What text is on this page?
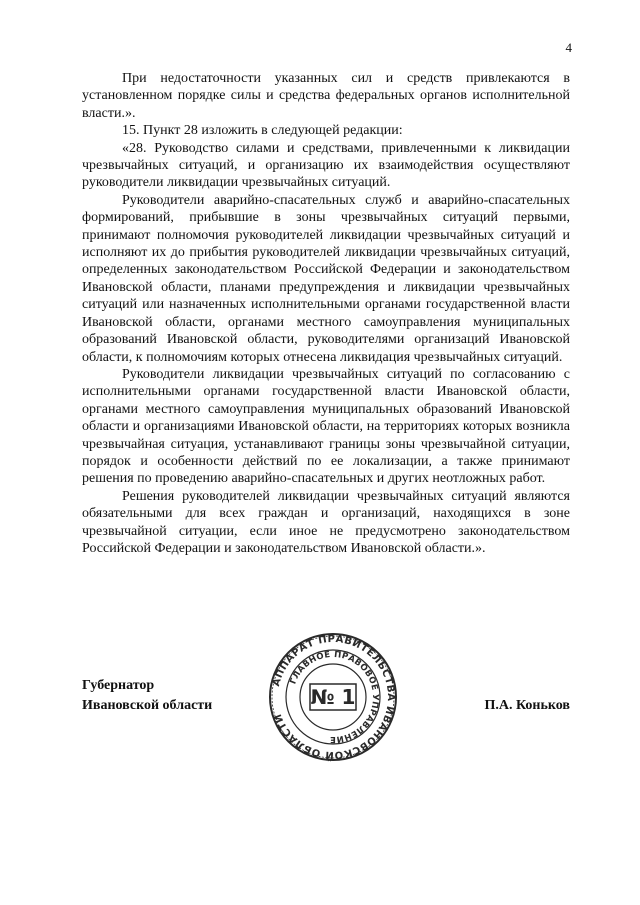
4

При недостаточности указанных сил и средств привлекаются в установленном порядке силы и средства федеральных органов исполнительной власти.».

15. Пункт 28 изложить в следующей редакции:

«28. Руководство силами и средствами, привлеченными к ликвидации чрезвычайных ситуаций, и организацию их взаимодействия осуществляют руководители ликвидации чрезвычайных ситуаций.

Руководители аварийно-спасательных служб и аварийно-спасательных формирований, прибывшие в зоны чрезвычайных ситуаций первыми, принимают полномочия руководителей ликвидации чрезвычайных ситуаций и исполняют их до прибытия руководителей ликвидации чрезвычайных ситуаций, определенных законодательством Российской Федерации и законодательством Ивановской области, планами предупреждения и ликвидации чрезвычайных ситуаций или назначенных исполнительными органами государственной власти Ивановской области, органами местного самоуправления муниципальных образований Ивановской области, руководителями организаций Ивановской области, к полномочиям которых отнесена ликвидация чрезвычайных ситуаций.

Руководители ликвидации чрезвычайных ситуаций по согласованию с исполнительными органами государственной власти Ивановской области, органами местного самоуправления муниципальных образований Ивановской области и организациями Ивановской области, на территориях которых возникла чрезвычайная ситуация, устанавливают границы зоны чрезвычайной ситуации, порядок и особенности действий по ее локализации, а также принимают решения по проведению аварийно-спасательных и других неотложных работ.

Решения руководителей ликвидации чрезвычайных ситуаций являются обязательными для всех граждан и организаций, находящихся в зоне чрезвычайной ситуации, если иное не предусмотрено законодательством Российской Федерации и законодательством Ивановской области.».

Губернатор
Ивановской области	П.А. Коньков
АППАРАТ ПРАВИТЕЛЬСТВА ИВАНОВСКОЙ ОБЛАСТИ
ГЛАВНОЕ ПРАВОВОЕ УПРАВЛЕНИЕ
№ 1
